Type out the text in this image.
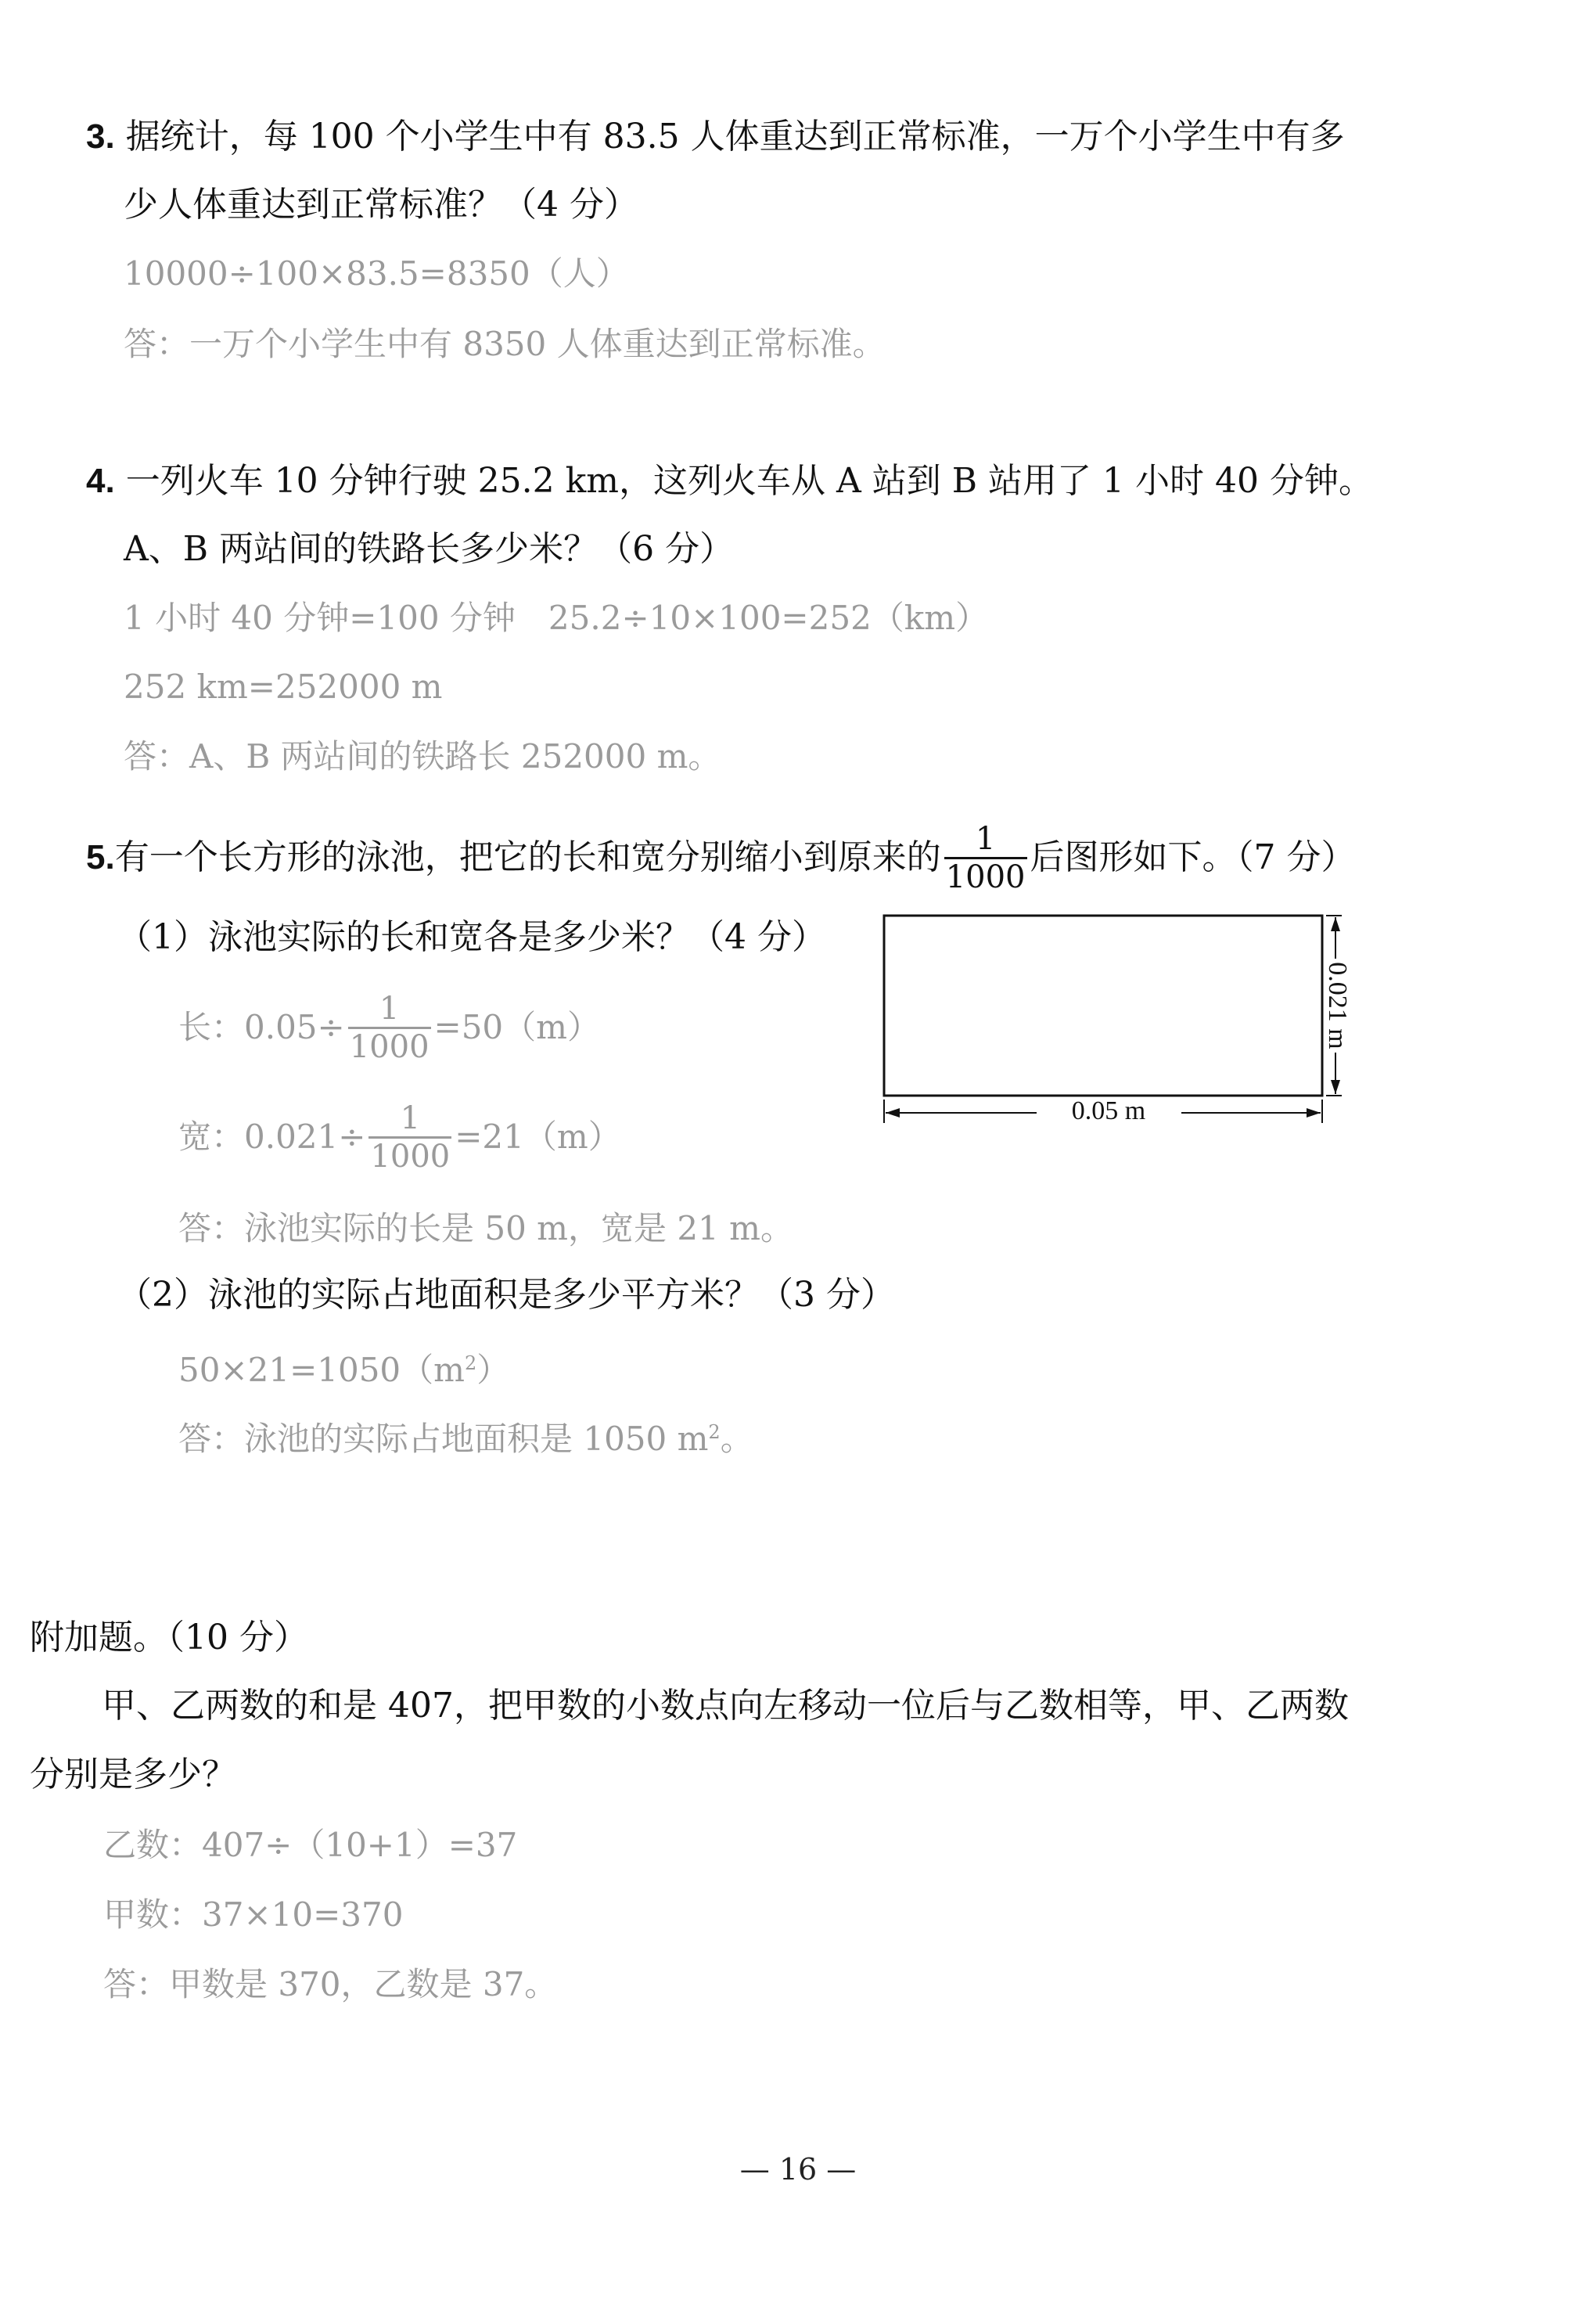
3. 据统计，每 100 个小学生中有 83.5 人体重达到正常标准，一万个小学生中有多
少人体重达到正常标准？（4 分）
10000÷100×83.5=8350（人）
答：一万个小学生中有 8350 人体重达到正常标准。
4. 一列火车 10 分钟行驶 25.2 km，这列火车从 A 站到 B 站用了 1 小时 40 分钟。
A、B 两站间的铁路长多少米？（6 分）
1 小时 40 分钟=100 分钟　25.2÷10×100=252（km）
252 km=252000 m
答：A、B 两站间的铁路长 252000 m。
5. 有一个长方形的泳池，把它的长和宽分别缩小到原来的 $\frac{1}{1000}$ 后图形如下。（7 分）
（1）泳池实际的长和宽各是多少米？（4 分）
长：$0.05\div \frac{1}{1000} =50(m)$
宽：$0.021\div \frac{1}{1000} =21(m)$
答：泳池实际的长是 50 m，宽是 21 m。
（2）泳池的实际占地面积是多少平方米？（3 分）
$50\times 21=1050(m^2)$
答：泳池的实际占地面积是 1050 $m^2$。
0.021 m
0.05 m
附加题。（10 分）
甲、乙两数的和是 407，把甲数的小数点向左移动一位后与乙数相等，甲、乙两数
分别是多少？
乙数：407÷（10+1）=37
甲数：37×10=370
答：甲数是 370，乙数是 37。
— 16 —
